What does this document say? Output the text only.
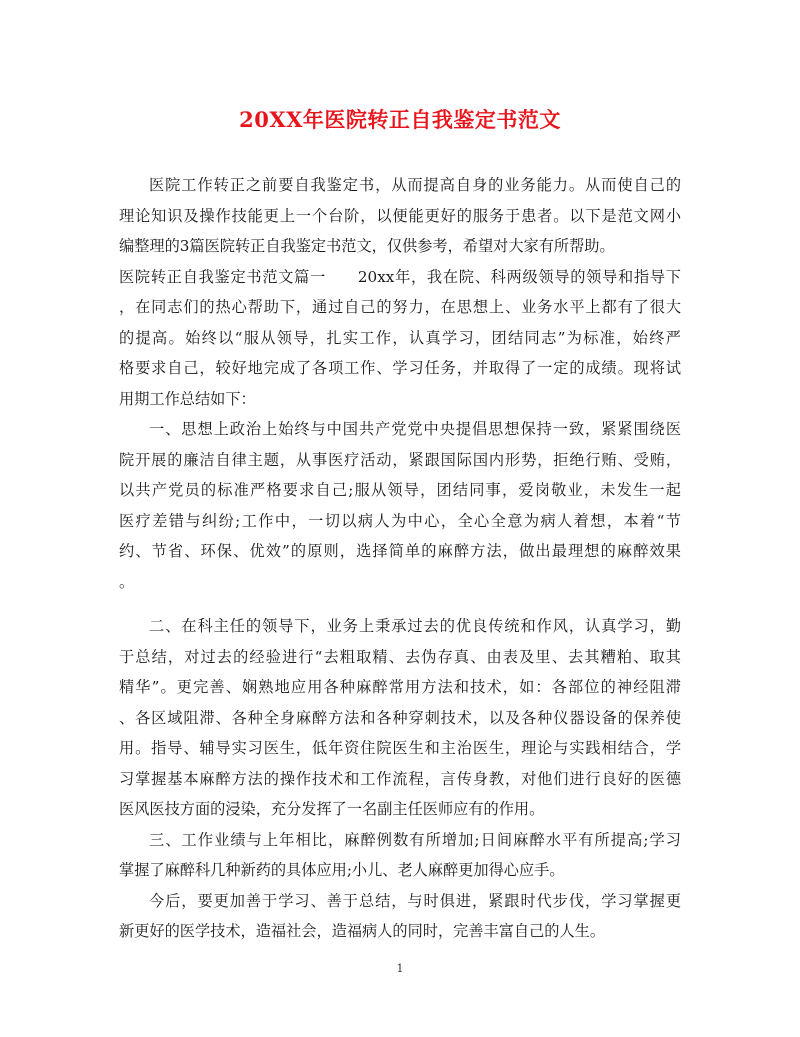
20XX年医院转正自我鉴定书范文
医院工作转正之前要自我鉴定书，从而提高自身的业务能力。从而使自己的
理论知识及操作技能更上一个台阶，以便能更好的服务于患者。以下是范文网小
编整理的3篇医院转正自我鉴定书范文，仅供参考，希望对大家有所帮助。
医院转正自我鉴定书范文篇一　　20xx年，我在院、科两级领导的领导和指导下
，在同志们的热心帮助下，通过自己的努力，在思想上、业务水平上都有了很大
的提高。始终以“服从领导，扎实工作，认真学习，团结同志”为标准，始终严
格要求自己，较好地完成了各项工作、学习任务，并取得了一定的成绩。现将试
用期工作总结如下：
一、思想上政治上始终与中国共产党党中央提倡思想保持一致，紧紧围绕医
院开展的廉洁自律主题，从事医疗活动，紧跟国际国内形势，拒绝行贿、受贿，
以共产党员的标准严格要求自己;服从领导，团结同事，爱岗敬业，未发生一起
医疗差错与纠纷;工作中，一切以病人为中心，全心全意为病人着想，本着“节
约、节省、环保、优效”的原则，选择简单的麻醉方法，做出最理想的麻醉效果
。
二、在科主任的领导下，业务上秉承过去的优良传统和作风，认真学习，勤
于总结，对过去的经验进行“去粗取精、去伪存真、由表及里、去其糟粕、取其
精华”。更完善、娴熟地应用各种麻醉常用方法和技术，如：各部位的神经阻滞
、各区域阻滞、各种全身麻醉方法和各种穿刺技术，以及各种仪器设备的保养使
用。指导、辅导实习医生，低年资住院医生和主治医生，理论与实践相结合，学
习掌握基本麻醉方法的操作技术和工作流程，言传身教，对他们进行良好的医德
医风医技方面的浸染，充分发挥了一名副主任医师应有的作用。
三、工作业绩与上年相比，麻醉例数有所增加;日间麻醉水平有所提高;学习
掌握了麻醉科几种新药的具体应用;小儿、老人麻醉更加得心应手。
今后，要更加善于学习、善于总结，与时俱进，紧跟时代步伐，学习掌握更
新更好的医学技术，造福社会，造福病人的同时，完善丰富自己的人生。
1
